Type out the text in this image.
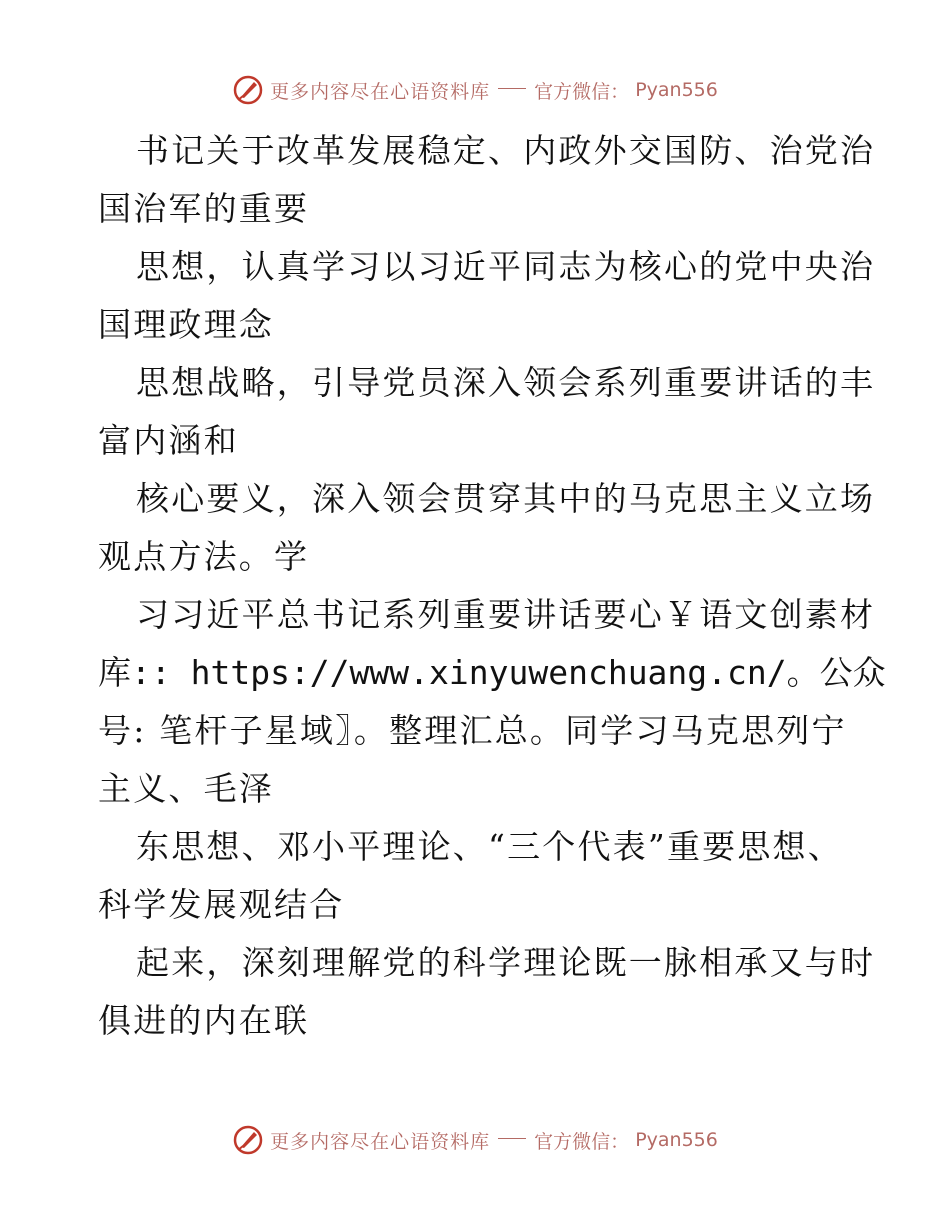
更多内容尽在心语资料库 官方微信： Pyan556
书记关于改革发展稳定、内政外交国防、治党治
国治军的重要
思想，认真学习以习近平同志为核心的党中央治
国理政理念
思想战略，引导党员深入领会系列重要讲话的丰
富内涵和
核心要义，深入领会贯穿其中的马克思主义立场
观点方法。学
习习近平总书记系列重要讲话要心￥语文创素材
库:: https://www.xinyuwenchuang.cn/。公众
号: 笔杆子星域〗。整理汇总。同学习马克思列宁
主义、毛泽
东思想、邓小平理论、“三个代表”重要思想、
科学发展观结合
起来，深刻理解党的科学理论既一脉相承又与时
俱进的内在联
更多内容尽在心语资料库 官方微信： Pyan556
